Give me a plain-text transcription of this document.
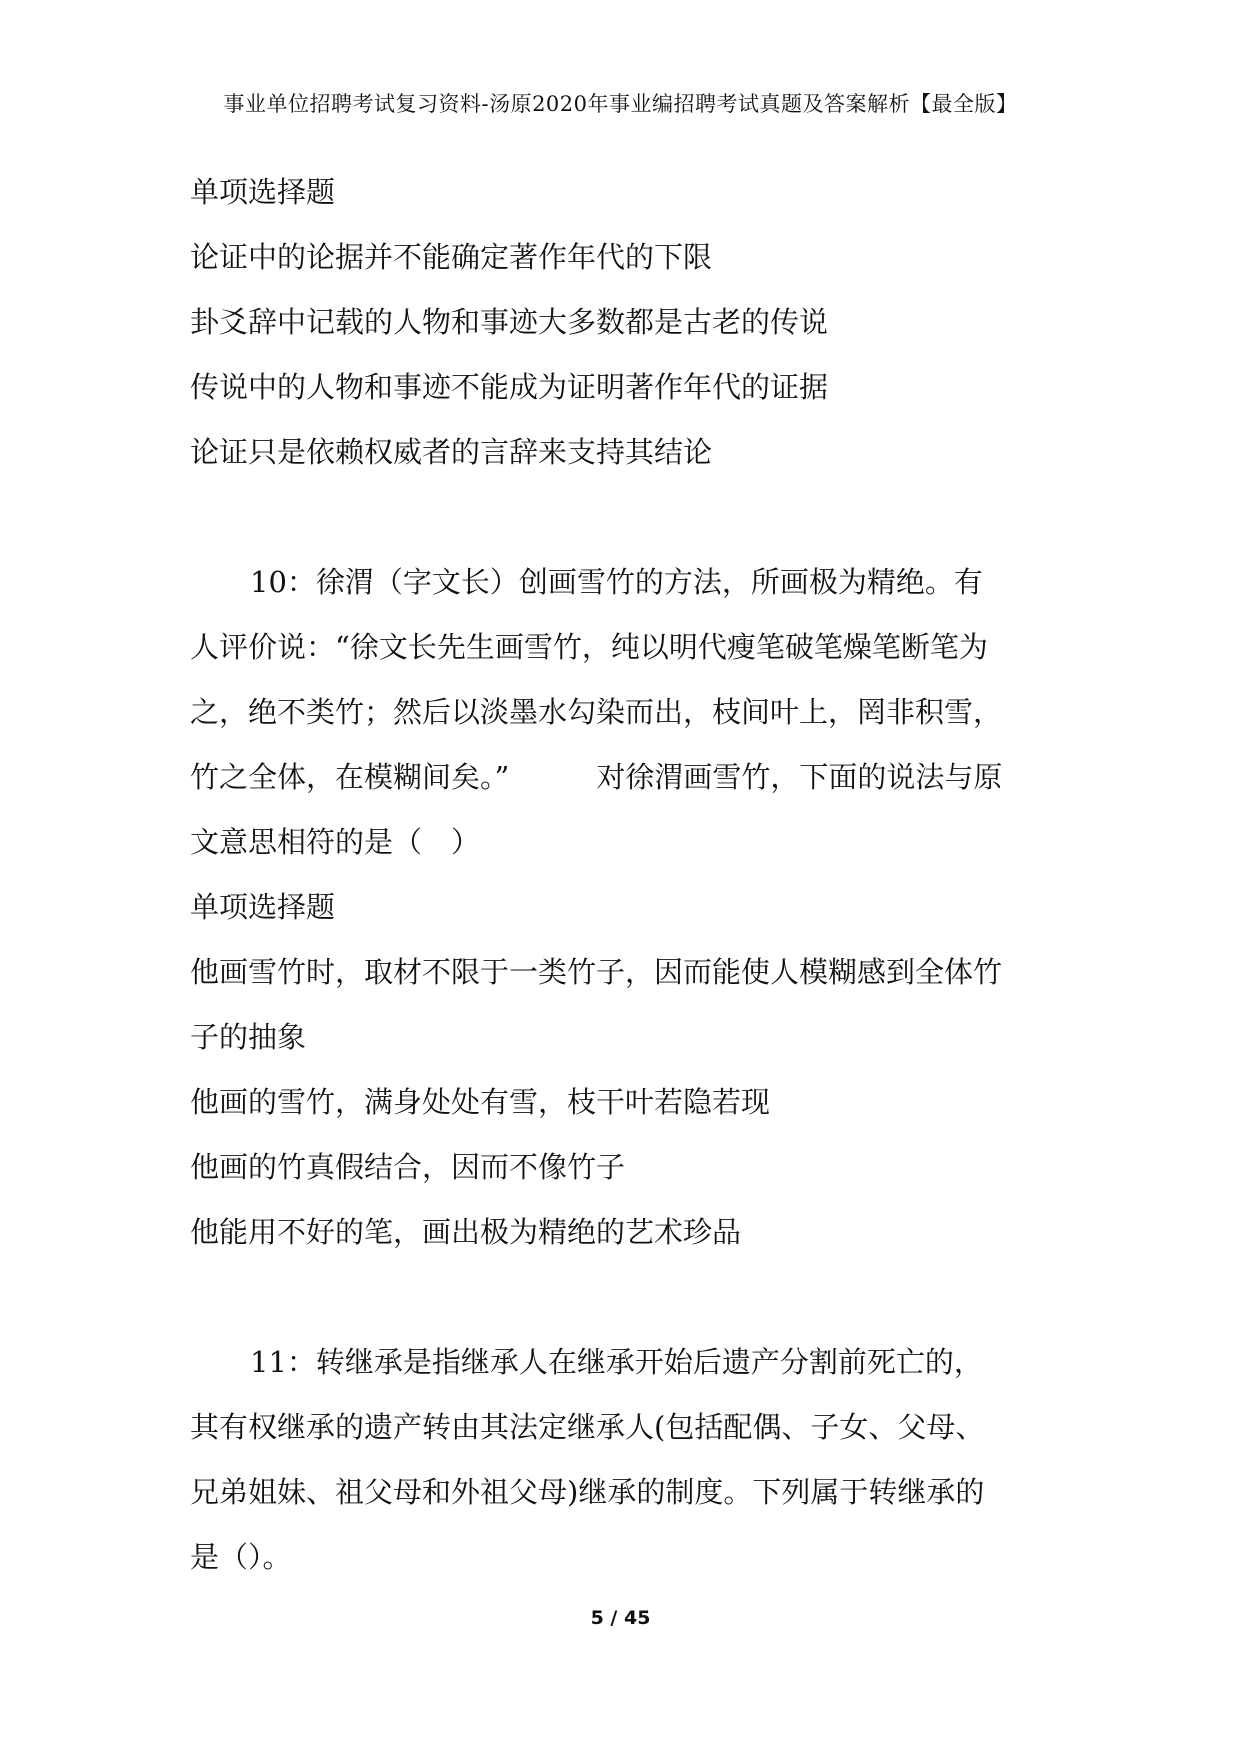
事业单位招聘考试复习资料-汤原2020年事业编招聘考试真题及答案解析【最全版】
单项选择题
论证中的论据并不能确定著作年代的下限
卦爻辞中记载的人物和事迹大多数都是古老的传说
传说中的人物和事迹不能成为证明著作年代的证据
论证只是依赖权威者的言辞来支持其结论
10：徐渭（字文长）创画雪竹的方法，所画极为精绝。有
人评价说：“徐文长先生画雪竹，纯以明代瘦笔破笔燥笔断笔为
之，绝不类竹；然后以淡墨水勾染而出，枝间叶上，罔非积雪，
竹之全体，在模糊间矣。”　　　对徐渭画雪竹，下面的说法与原
文意思相符的是（　）
单项选择题
他画雪竹时，取材不限于一类竹子，因而能使人模糊感到全体竹
子的抽象
他画的雪竹，满身处处有雪，枝干叶若隐若现
他画的竹真假结合，因而不像竹子
他能用不好的笔，画出极为精绝的艺术珍品
11：转继承是指继承人在继承开始后遗产分割前死亡的，
其有权继承的遗产转由其法定继承人(包括配偶、子女、父母、
兄弟姐妹、祖父母和外祖父母)继承的制度。下列属于转继承的
是（）。
5 / 45
